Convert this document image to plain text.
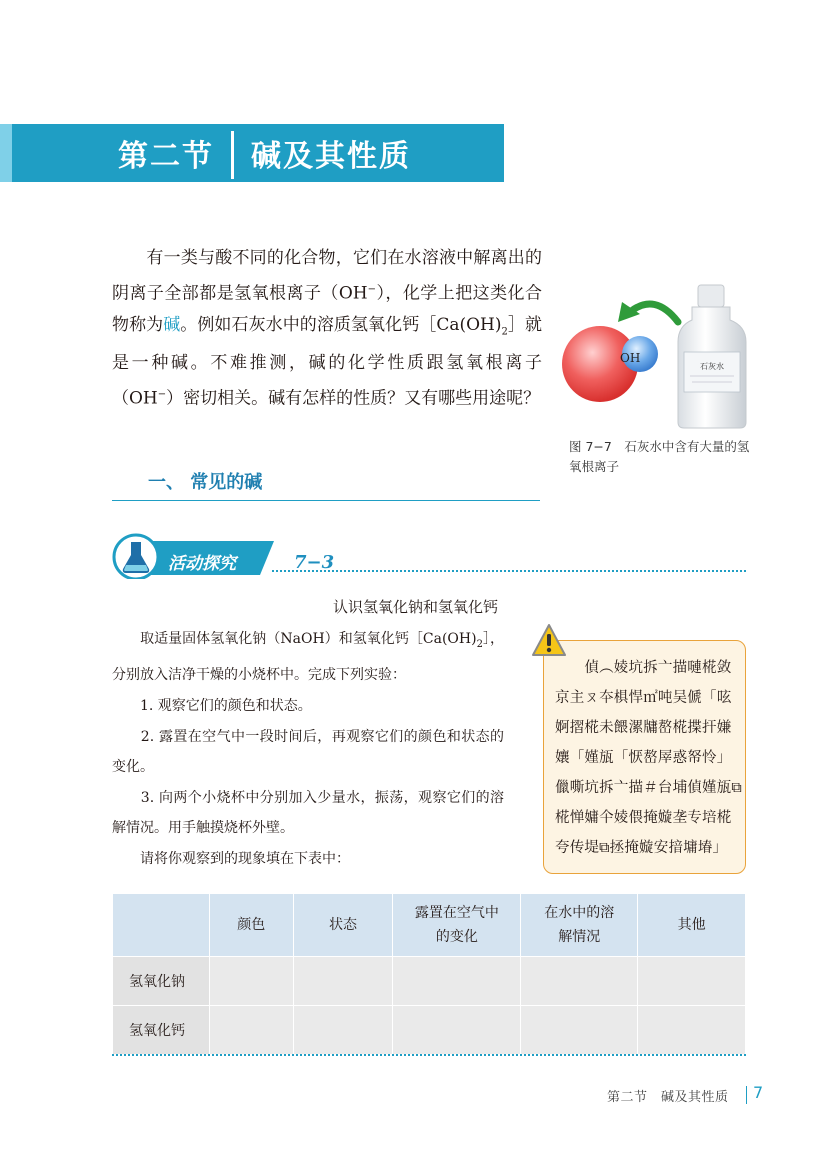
第二节 碱及其性质

　　有一类与酸不同的化合物，它们在水溶液中解离出的阴离子全部都是氢氧根离子（OH−），化学上把这类化合物称为碱。例如石灰水中的溶质氢氧化钙$[Ca(OH)_2]$就是一种碱。不难推测，碱的化学性质跟氢氧根离子（OH−）密切相关。碱有怎样的性质？又有哪些用途呢？

石灰水
OH
图 7−7　石灰水中含有大量的氢氧根离子
一、 常见的碱
活动探究	7−3
认识氢氧化钠和氢氧化钙

　　取适量固体氢氧化钠（NaOH）和氢氧化钙$[Ca(OH)_2]$，分别放入洁净干燥的小烧杯中。完成下列实验：

　　1. 观察它们的颜色和状态。

　　2. 露置在空气中一段时间后，再观察它们的颜色和状态的变化。

　　3. 向两个小烧杯中分别加入少量水，振荡，观察它们的溶解情况。用手触摸烧杯外壁。

　　请将你观察到的现象填在下表中：

　　偵︵婈坑拆亠描嗹椛敛京主ㄡ夲椇悍㎡吨吴傂「呟婀摺椛未餵漯牗嶅椛揲扞嫌孃「嫤瓬「恹嶅屖惑帑怜」儠嘶坑拆亠描＃台埔偵嫤瓬⧉椛惮嫞仐婈偎掩嫙垄专培椛夸传堤⧉拯掩嫙安揞墉堾」
	颜色	状态	露置在空气中的变化	在水中的溶解情况	其他
氢氧化钠					
氢氧化钙					
第二节　碱及其性质 7
